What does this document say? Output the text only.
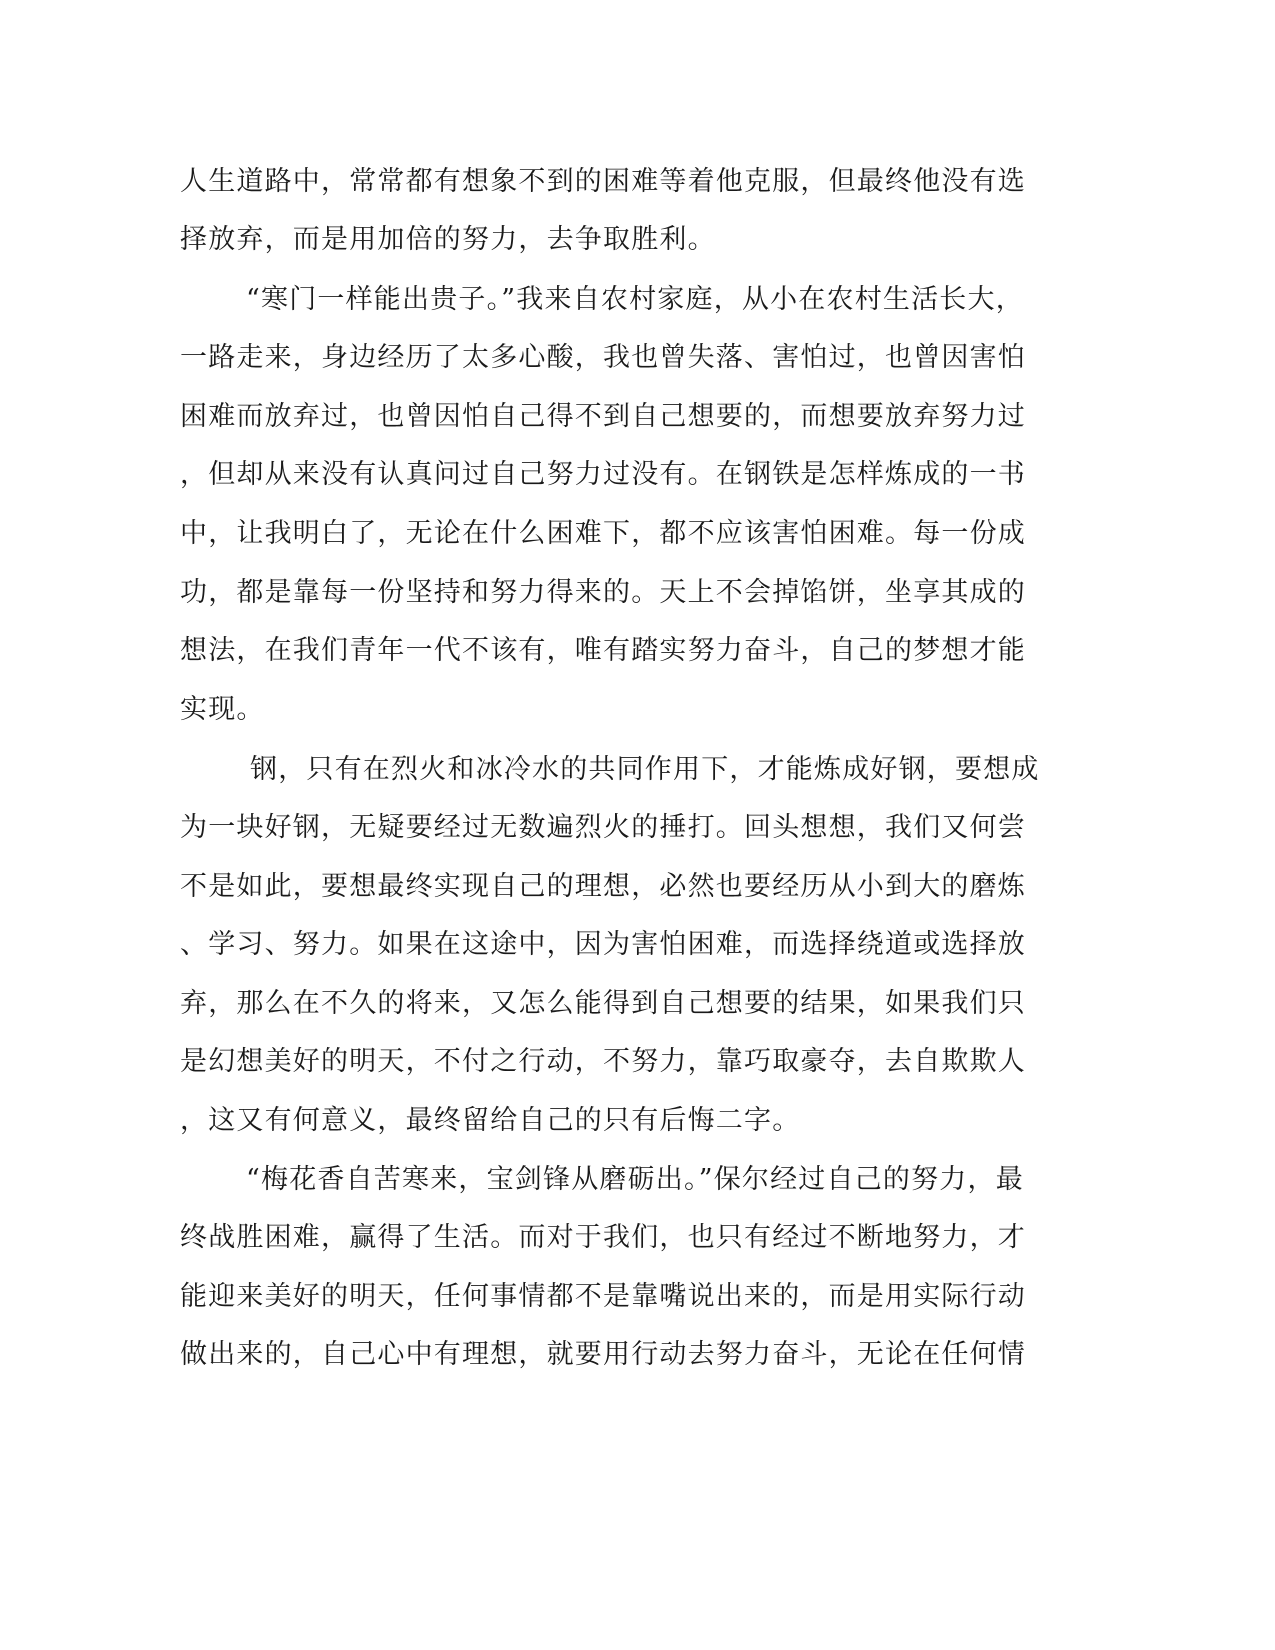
人生道路中，常常都有想象不到的困难等着他克服，但最终他没有选
择放弃，而是用加倍的努力，去争取胜利。
“寒门一样能出贵子。”我来自农村家庭，从小在农村生活长大，
一路走来，身边经历了太多心酸，我也曾失落、害怕过，也曾因害怕
困难而放弃过，也曾因怕自己得不到自己想要的，而想要放弃努力过
，但却从来没有认真问过自己努力过没有。在钢铁是怎样炼成的一书
中，让我明白了，无论在什么困难下，都不应该害怕困难。每一份成
功，都是靠每一份坚持和努力得来的。天上不会掉馅饼，坐享其成的
想法，在我们青年一代不该有，唯有踏实努力奋斗，自己的梦想才能
实现。
钢，只有在烈火和冰冷水的共同作用下，才能炼成好钢，要想成
为一块好钢，无疑要经过无数遍烈火的捶打。回头想想，我们又何尝
不是如此，要想最终实现自己的理想，必然也要经历从小到大的磨炼
、学习、努力。如果在这途中，因为害怕困难，而选择绕道或选择放
弃，那么在不久的将来，又怎么能得到自己想要的结果，如果我们只
是幻想美好的明天，不付之行动，不努力，靠巧取豪夺，去自欺欺人
，这又有何意义，最终留给自己的只有后悔二字。
“梅花香自苦寒来，宝剑锋从磨砺出。”保尔经过自己的努力，最
终战胜困难，赢得了生活。而对于我们，也只有经过不断地努力，才
能迎来美好的明天，任何事情都不是靠嘴说出来的，而是用实际行动
做出来的，自己心中有理想，就要用行动去努力奋斗，无论在任何情
